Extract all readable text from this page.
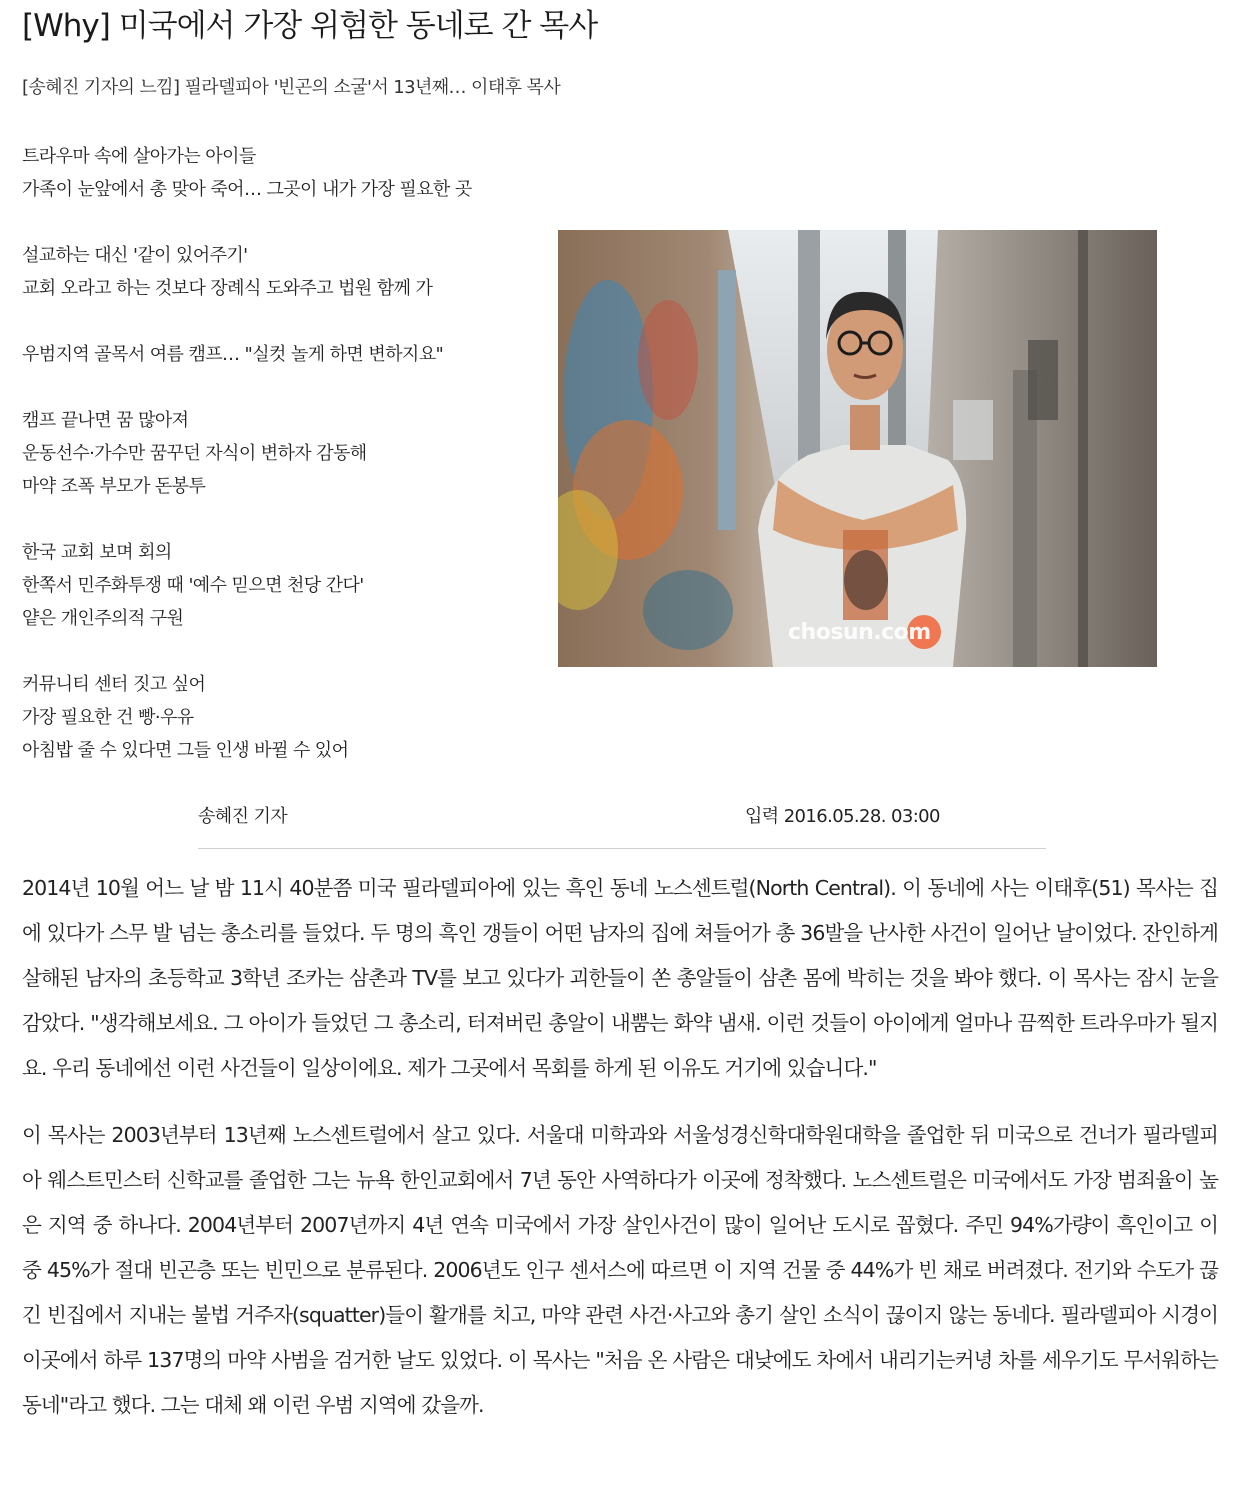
[Why] 미국에서 가장 위험한 동네로 간 목사
[송혜진 기자의 느낌] 필라델피아 '빈곤의 소굴'서 13년째… 이태후 목사
트라우마 속에 살아가는 아이들
가족이 눈앞에서 총 맞아 죽어… 그곳이 내가 가장 필요한 곳
설교하는 대신 '같이 있어주기'
교회 오라고 하는 것보다 장례식 도와주고 법원 함께 가
우범지역 골목서 여름 캠프… "실컷 놀게 하면 변하지요"
캠프 끝나면 꿈 많아져
운동선수·가수만 꿈꾸던 자식이 변하자 감동해
마약 조폭 부모가 돈봉투
한국 교회 보며 회의
한쪽서 민주화투쟁 때 '예수 믿으면 천당 간다'
얕은 개인주의적 구원
커뮤니티 센터 짓고 싶어
가장 필요한 건 빵·우유
아침밥 줄 수 있다면 그들 인생 바뀔 수 있어
chosun.com
송혜진 기자	입력 2016.05.28. 03:00

2014년 10월 어느 날 밤 11시 40분쯤 미국 필라델피아에 있는 흑인 동네 노스센트럴(North Central). 이 동네에 사는 이태후(51) 목사는 집에 있다가 스무 발 넘는 총소리를 들었다. 두 명의 흑인 갱들이 어떤 남자의 집에 쳐들어가 총 36발을 난사한 사건이 일어난 날이었다. 잔인하게 살해된 남자의 초등학교 3학년 조카는 삼촌과 TV를 보고 있다가 괴한들이 쏜 총알들이 삼촌 몸에 박히는 것을 봐야 했다. 이 목사는 잠시 눈을 감았다. "생각해보세요. 그 아이가 들었던 그 총소리, 터져버린 총알이 내뿜는 화약 냄새. 이런 것들이 아이에게 얼마나 끔찍한 트라우마가 될지요. 우리 동네에선 이런 사건들이 일상이에요. 제가 그곳에서 목회를 하게 된 이유도 거기에 있습니다."

이 목사는 2003년부터 13년째 노스센트럴에서 살고 있다. 서울대 미학과와 서울성경신학대학원대학을 졸업한 뒤 미국으로 건너가 필라델피아 웨스트민스터 신학교를 졸업한 그는 뉴욕 한인교회에서 7년 동안 사역하다가 이곳에 정착했다. 노스센트럴은 미국에서도 가장 범죄율이 높은 지역 중 하나다. 2004년부터 2007년까지 4년 연속 미국에서 가장 살인사건이 많이 일어난 도시로 꼽혔다. 주민 94%가량이 흑인이고 이 중 45%가 절대 빈곤층 또는 빈민으로 분류된다. 2006년도 인구 센서스에 따르면 이 지역 건물 중 44%가 빈 채로 버려졌다. 전기와 수도가 끊긴 빈집에서 지내는 불법 거주자(squatter)들이 활개를 치고, 마약 관련 사건·사고와 총기 살인 소식이 끊이지 않는 동네다. 필라델피아 시경이 이곳에서 하루 137명의 마약 사범을 검거한 날도 있었다. 이 목사는 "처음 온 사람은 대낮에도 차에서 내리기는커녕 차를 세우기도 무서워하는 동네"라고 했다. 그는 대체 왜 이런 우범 지역에 갔을까.
